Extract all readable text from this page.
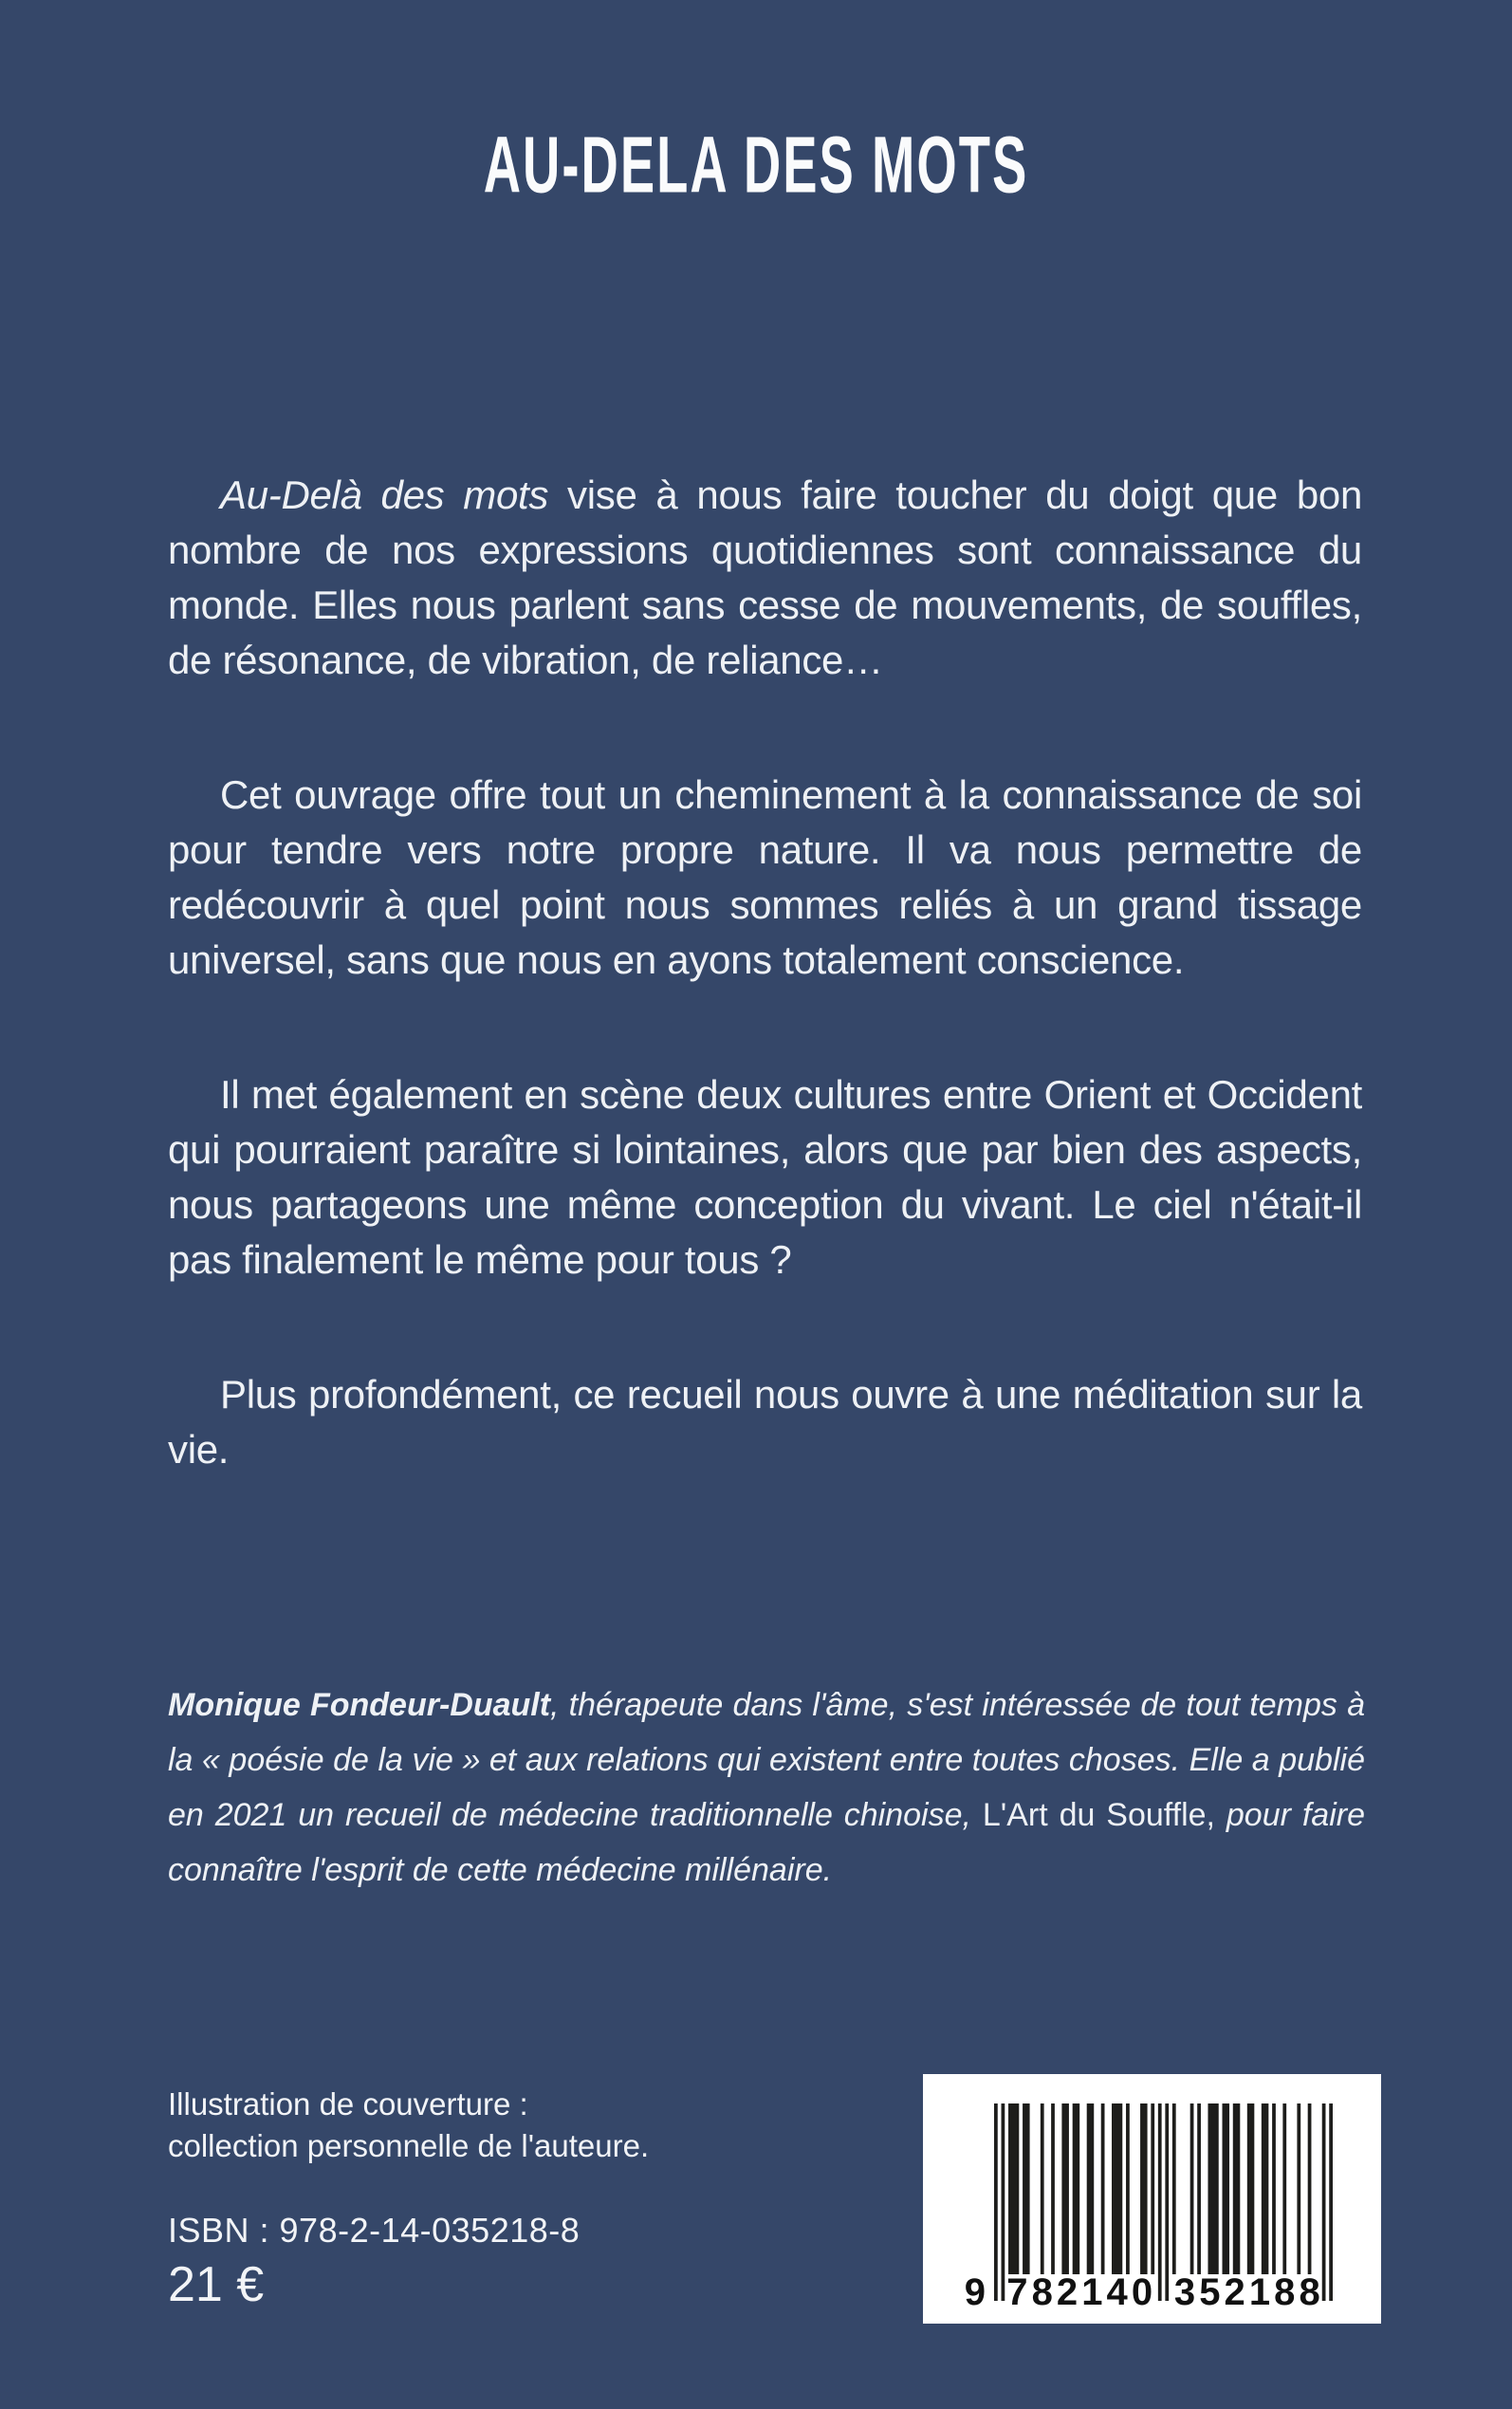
AU-DELA DES MOTS

Au-Delà des mots vise à nous faire toucher du doigt que bon nombre de nos expressions quotidiennes sont connaissance du monde. Elles nous parlent sans cesse de mouvements, de souffles, de résonance, de vibration, de reliance…

Cet ouvrage offre tout un cheminement à la connaissance de soi pour tendre vers notre propre nature. Il va nous permettre de redécouvrir à quel point nous sommes reliés à un grand tissage universel, sans que nous en ayons totalement conscience.

Il met également en scène deux cultures entre Orient et Occident qui pourraient paraître si lointaines, alors que par bien des aspects, nous partageons une même conception du vivant. Le ciel n'était-il pas finalement le même pour tous ?

Plus profondément, ce recueil nous ouvre à une méditation sur la vie.

Monique Fondeur-Duault, thérapeute dans l'âme, s'est intéressée de tout temps à la « poésie de la vie » et aux relations qui existent entre toutes choses. Elle a publié en 2021 un recueil de médecine traditionnelle chinoise, L'Art du Souffle, pour faire connaître l'esprit de cette médecine millénaire.
Illustration de couverture :
collection personnelle de l'auteure.
ISBN : 978-2-14-035218-8
21 €	9 7 8 2 1 4 0 3 5 2 1 8 8
